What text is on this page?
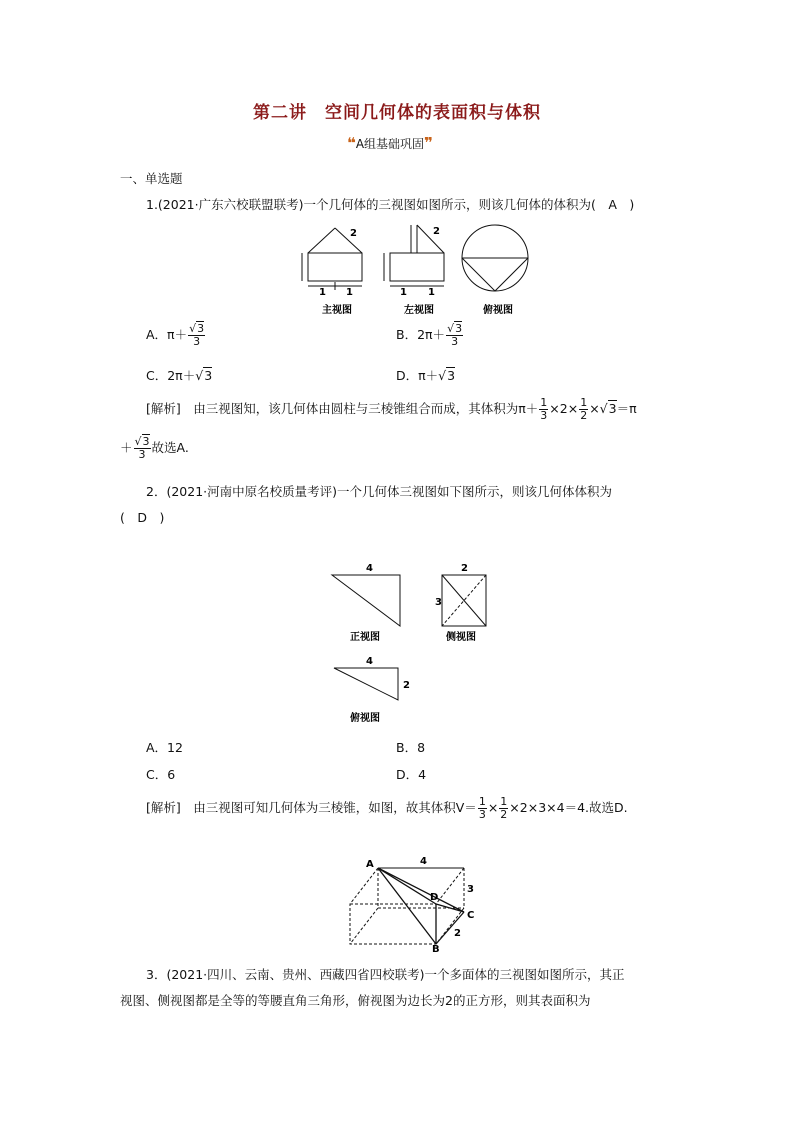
第二讲　空间几何体的表面积与体积
❝A组基础巩固❞
一、单选题
1.(2021·广东六校联盟联考)一个几何体的三视图如图所示，则该几何体的体积为(　A　)
2
1 1
2
1 1
主视图	左视图	俯视图
A．$\pi+ \frac{√3}{3}$	B．$2\pi+ \frac{√3}{3}$
C．2π＋√3	D．π＋√3
[解析]　由三视图知，该几何体由圆柱与三棱锥组合而成，其体积为$\pi+ \frac{1}{3} \times 2\times \frac{1}{2} \times√3=\pi$
＋ $\frac{√3}{3}$ 故选A.
2．(2021·河南中原名校质量考评)一个几何体三视图如下图所示，则该几何体体积为
(　D　)
4
正视图
2
3
侧视图
4
2
俯视图
A．12	B．8
C．6	D．4
[解析]　由三视图可知几何体为三棱锥，如图，故其体积$V= \frac{1}{3} \times \frac{1}{2} \times 2\times 3\times 4=4$.故选D.
A
B
C
D
4
3
2
3．(2021·四川、云南、贵州、西藏四省四校联考)一个多面体的三视图如图所示，其正
视图、侧视图都是全等的等腰直角三角形，俯视图为边长为2的正方形，则其表面积为
